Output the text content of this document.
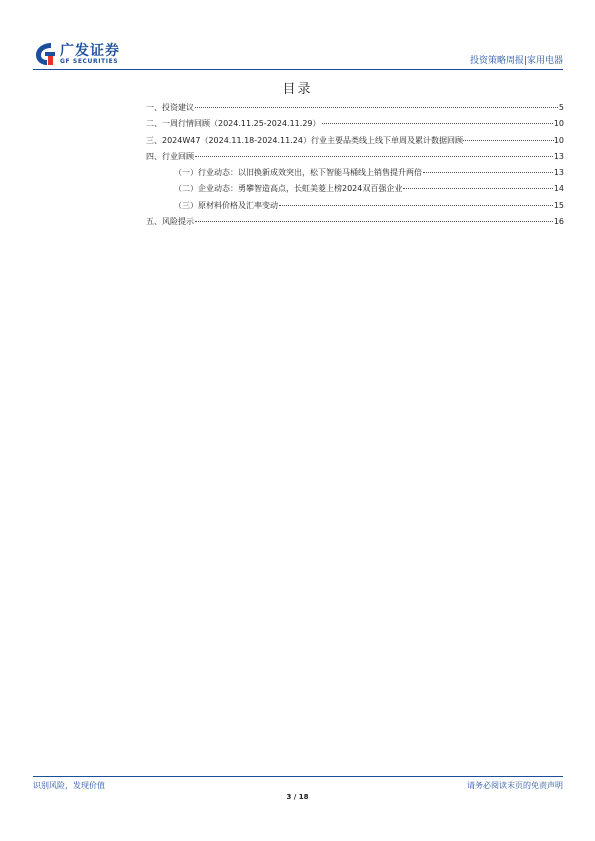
广发证券
GF SECURITIES	投资策略周报|家用电器
目录
一、投资建议	5
二、一周行情回顾（2024.11.25-2024.11.29）	10
三、2024W47（2024.11.18-2024.11.24）行业主要品类线上线下单周及累计数据回顾	10
四、行业回顾	13
（一）行业动态：以旧换新成效突出，松下智能马桶线上销售提升两倍	13
（二）企业动态：勇攀智造高点，长虹美菱上榜2024双百强企业	14
（三）原材料价格及汇率变动	15
五、风险提示	16
识别风险，发现价值	请务必阅读末页的免责声明
3 / 18
